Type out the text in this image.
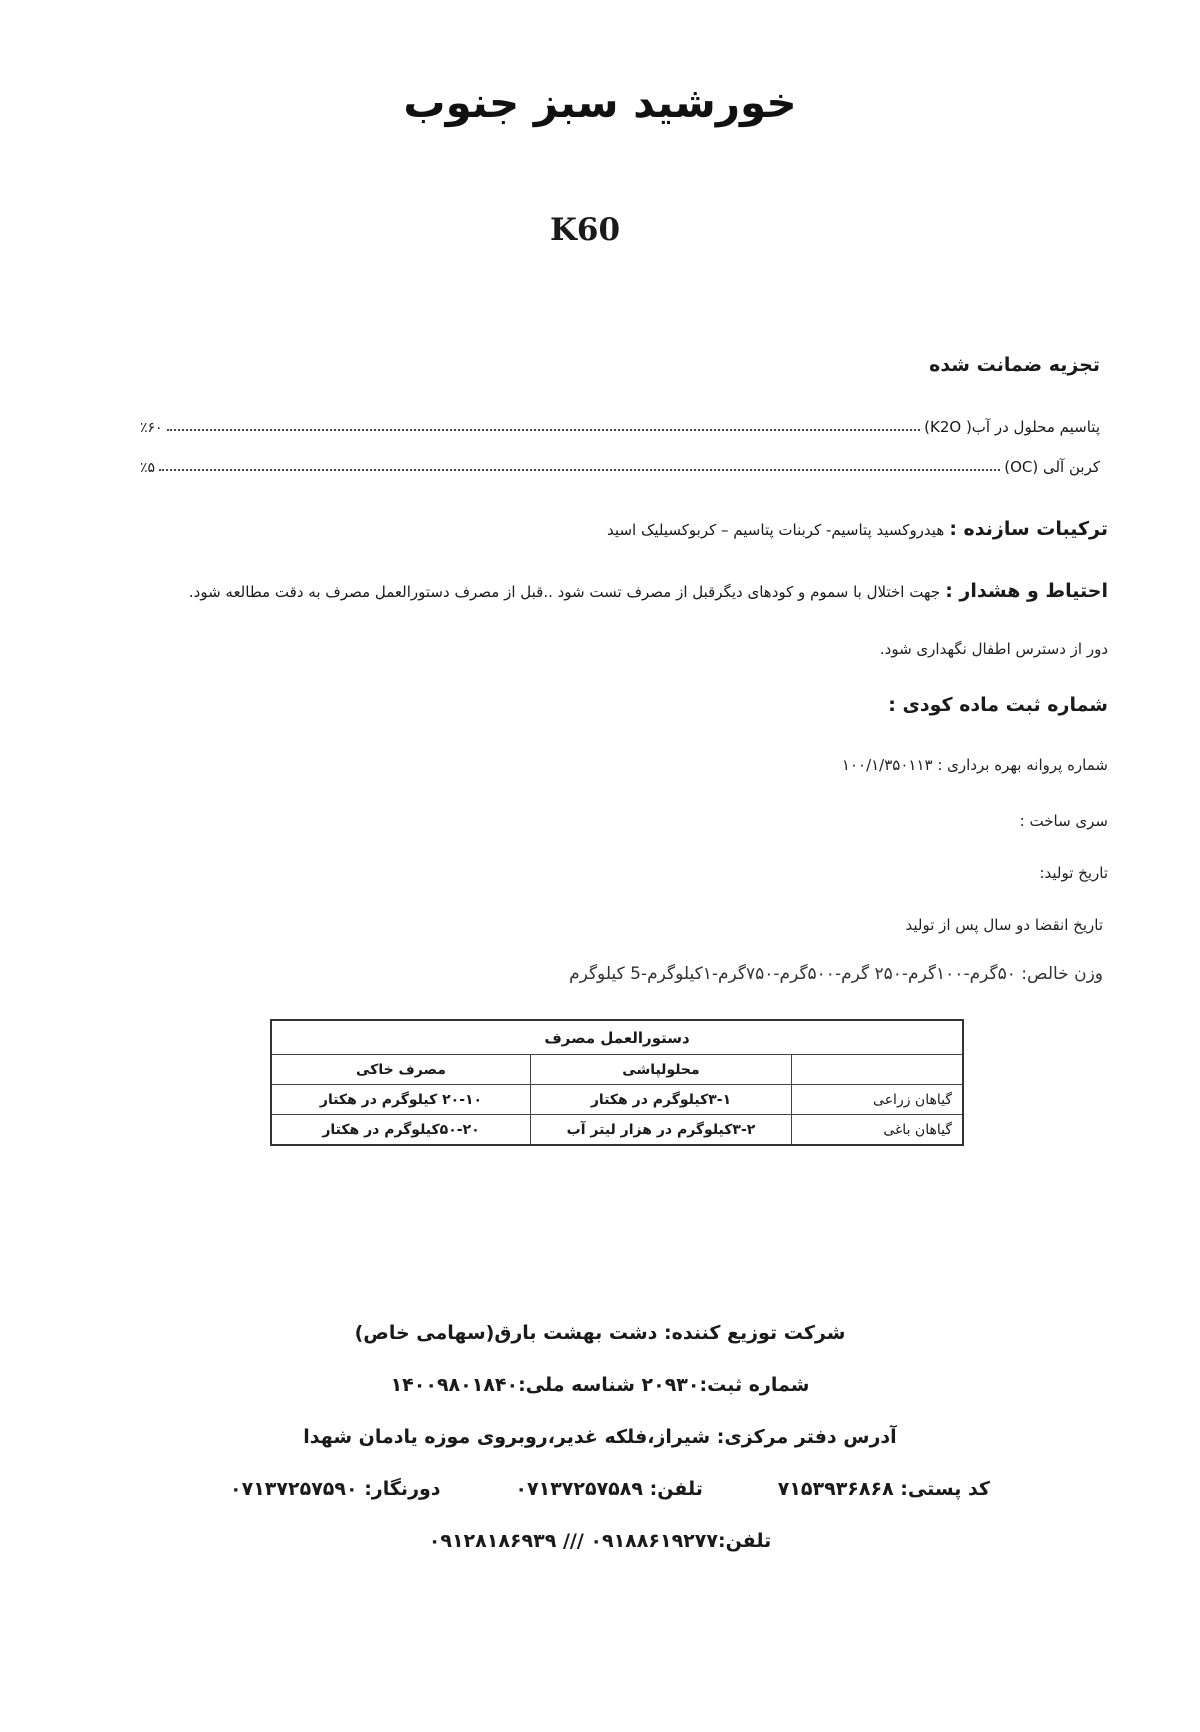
خورشید سبز جنوب
K60
تجزیه ضمانت شده
پتاسیم محلول در آب( K2O)
٪۶۰
کربن آلی (OC)
٪۵
ترکیبات سازنده : هیدروکسید پتاسیم- کربنات پتاسیم – کربوکسیلیک اسید
احتیاط و هشدار : جهت اختلال با سموم و کودهای دیگرقبل از مصرف تست شود ..قبل از مصرف دستورالعمل مصرف به دقت مطالعه شود.
دور از دسترس اطفال نگهداری شود.
شماره ثبت ماده کودی :
شماره پروانه بهره برداری : ۱۰۰/۱/۳۵۰۱۱۳
سری ساخت :
تاریخ تولید:
تاریخ انقضا دو سال پس از تولید
وزن خالص: ۵۰گرم-۱۰۰گرم-۲۵۰ گرم-۵۰۰گرم-۷۵۰گرم-۱کیلوگرم-5 کیلوگرم
دستورالعمل مصرف		
	محلولپاشی	مصرف خاکی
گیاهان زراعی	۳-۱کیلوگرم در هکتار	۲۰-۱۰ کیلوگرم در هکتار
گیاهان باغی	۳-۲کیلوگرم در هزار لیتر آب	۵۰-۲۰کیلوگرم در هکتار
شرکت توزیع کننده: دشت بهشت بارق(سهامی خاص)
شماره ثبت:۲۰۹۳۰ شناسه ملی:۱۴۰۰۹۸۰۱۸۴۰
آدرس دفتر مرکزی: شیراز،فلکه غدیر،روبروی موزه یادمان شهدا
کد پستی: ۷۱۵۳۹۳۶۸۶۸
تلفن: ۰۷۱۳۷۲۵۷۵۸۹
دورنگار: ۰۷۱۳۷۲۵۷۵۹۰
تلفن:۰۹۱۸۸۶۱۹۲۷۷ /// ۰۹۱۲۸۱۸۶۹۳۹
